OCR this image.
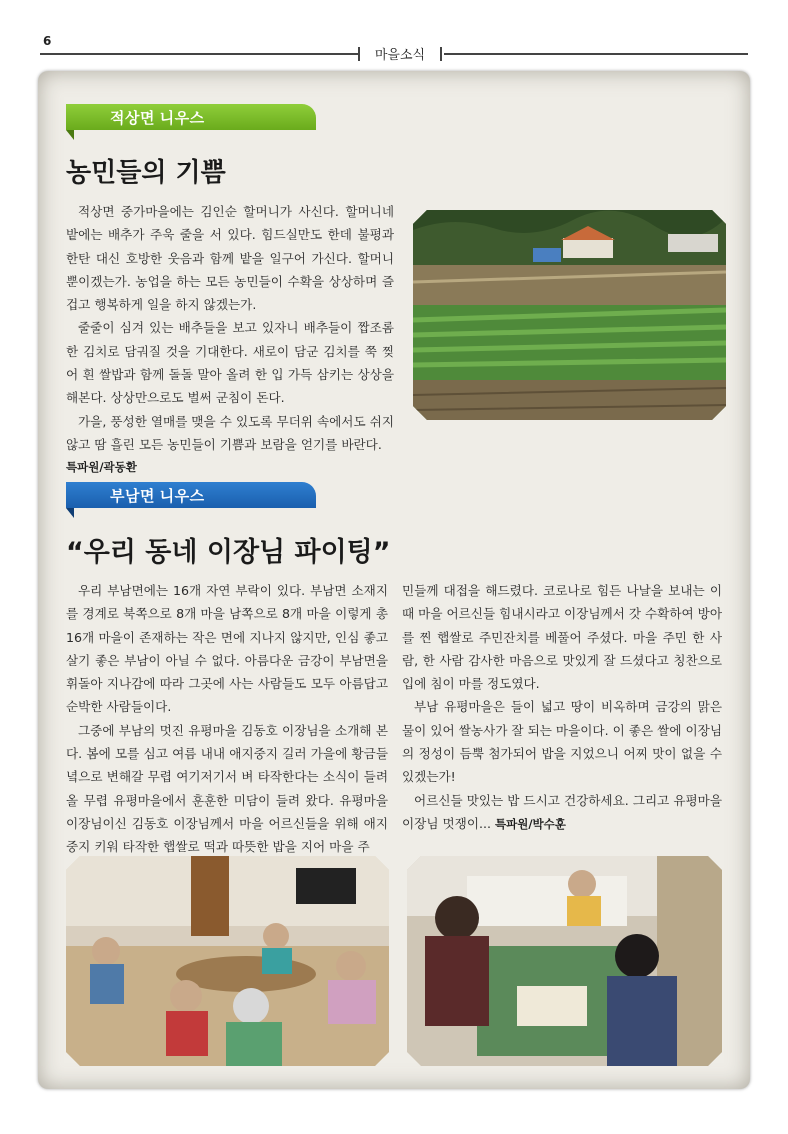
6
마을소식
적상면 니우스
농민들의 기쁨

적상면 중가마을에는 김인순 할머니가 사신다. 할머니네 밭에는 배추가 주욱 줄을 서 있다. 힘드실만도 한데 불평과 한탄 대신 호방한 웃음과 함께 밭을 일구어 가신다. 할머니 뿐이겠는가. 농업을 하는 모든 농민들이 수확을 상상하며 즐겁고 행복하게 일을 하지 않겠는가.

줄줄이 심겨 있는 배추들을 보고 있자니 배추들이 짭조롬한 김치로 담궈질 것을 기대한다. 새로이 담군 김치를 쭉 찢어 흰 쌀밥과 함께 돌돌 말아 올려 한 입 가득 삼키는 상상을 해본다. 상상만으로도 벌써 군침이 돈다.

가을, 풍성한 열매를 맺을 수 있도록 무더위 속에서도 쉬지 않고 땀 흘린 모든 농민들이 기쁨과 보람을 얻기를 바란다.

특파원/곽동환
부남면 니우스
“우리 동네 이장님 파이팅”

우리 부남면에는 16개 자연 부락이 있다. 부남면 소재지를 경계로 북쪽으로 8개 마을 남쪽으로 8개 마을 이렇게 총 16개 마을이 존재하는 작은 면에 지나지 않지만, 인심 좋고 살기 좋은 부남이 아닐 수 없다. 아름다운 금강이 부남면을 휘돌아 지나감에 따라 그곳에 사는 사람들도 모두 아름답고 순박한 사람들이다.

그중에 부남의 멋진 유평마을 김동호 이장님을 소개해 본다. 봄에 모를 심고 여름 내내 애지중지 길러 가을에 황금들녘으로 변해갈 무렵 여기저기서 벼 타작한다는 소식이 들려 올 무렵 유평마을에서 훈훈한 미담이 들려 왔다. 유평마을 이장님이신 김동호 이장님께서 마을 어르신들을 위해 애지중지 키워 타작한 햅쌀로 떡과 따뜻한 밥을 지어 마을 주

민들께 대접을 해드렸다. 코로나로 힘든 나날을 보내는 이때 마을 어르신들 힘내시라고 이장님께서 갓 수확하여 방아를 찐 햅쌀로 주민잔치를 베풀어 주셨다. 마을 주민 한 사람, 한 사람 감사한 마음으로 맛있게 잘 드셨다고 칭찬으로 입에 침이 마를 정도였다.

부남 유평마을은 들이 넓고 땅이 비옥하며 금강의 맑은 물이 있어 쌀농사가 잘 되는 마을이다. 이 좋은 쌀에 이장님의 정성이 듬뿍 첨가되어 밥을 지었으니 어찌 맛이 없을 수 있겠는가!

어르신들 맛있는 밥 드시고 건강하세요. 그리고 유평마을 이장님 멋쟁이... 특파원/박수훈
